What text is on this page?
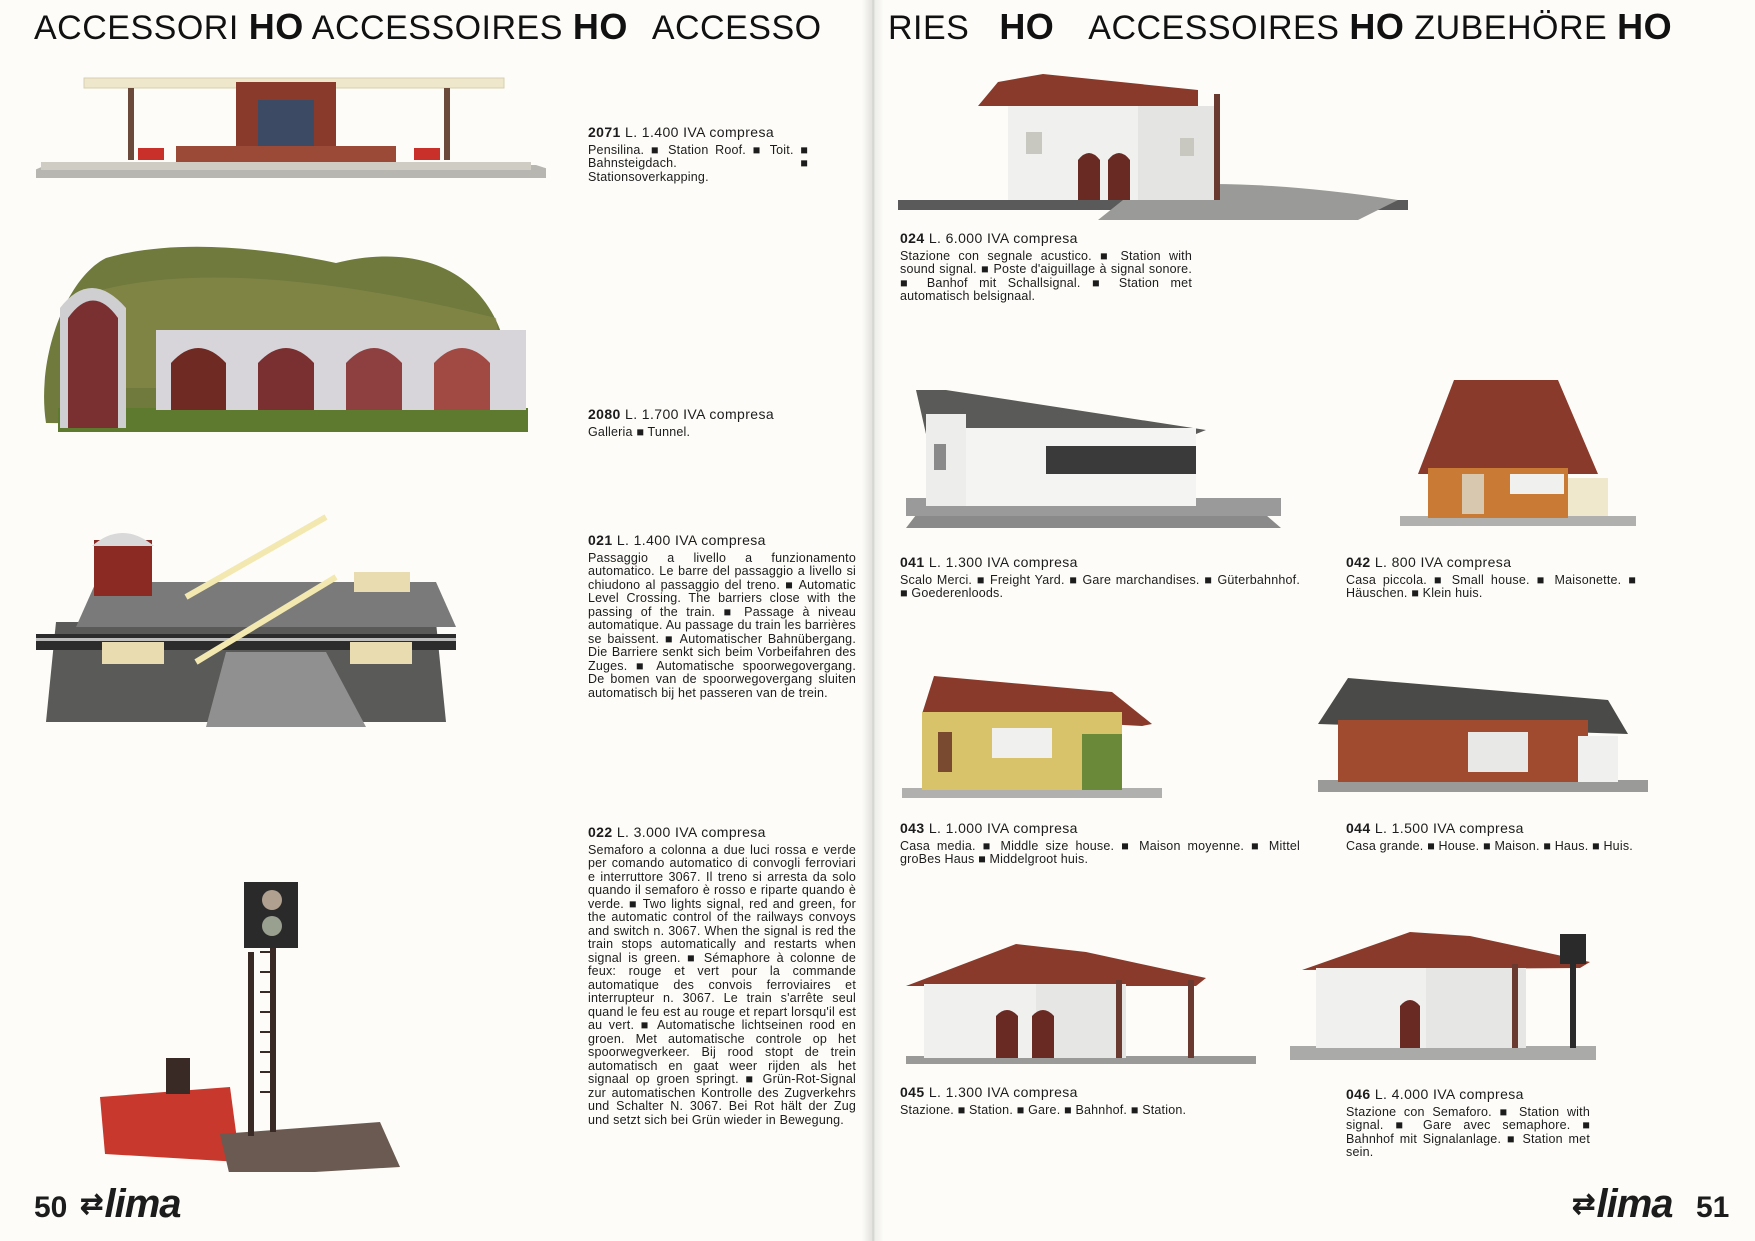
ACCESSORI HO ACCESSOIRES HO ACCESSO
2071 L. 1.400 IVA compresa
Pensilina. ■ Station Roof. ■ Toit. ■ Bahnsteigdach. ■ Stationsoverkapping.
2080 L. 1.700 IVA compresa
Galleria ■ Tunnel.
021 L. 1.400 IVA compresa
Passaggio a livello a funzionamento automatico. Le barre del passaggio a livello si chiudono al passaggio del treno. ■ Automatic Level Crossing. The barriers close with the passing of the train. ■ Passage à niveau automatique. Au passage du train les barrières se baissent. ■ Automatischer Bahnübergang. Die Barriere senkt sich beim Vorbeifahren des Zuges. ■ Automatische spoorwegovergang. De bomen van de spoorwegovergang sluiten automatisch bij het passeren van de trein.
022 L. 3.000 IVA compresa
Semaforo a colonna a due luci rossa e verde per comando automatico di convogli ferroviari e interruttore 3067. Il treno si arresta da solo quando il semaforo è rosso e riparte quando è verde. ■ Two lights signal, red and green, for the automatic control of the railways convoys and switch n. 3067. When the signal is red the train stops automatically and restarts when signal is green. ■ Sémaphore à colonne de feux: rouge et vert pour la commande automatique des convois ferroviaires et interrupteur n. 3067. Le train s'arrête seul quand le feu est au rouge et repart lorsqu'il est au vert. ■ Automatische lichtseinen rood en groen. Met automatische controle op het spoorwegverkeer. Bij rood stopt de trein automatisch en gaat weer rijden als het signaal op groen springt. ■ Grün-Rot-Signal zur automatischen Kontrolle des Zugverkehrs und Schalter N. 3067. Bei Rot hält der Zug und setzt sich bei Grün wieder in Bewegung.
50 ⇄lima
RIES HO ACCESSOIRES HO ZUBEHÖRE HO
024 L. 6.000 IVA compresa
Stazione con segnale acustico. ■ Station with sound signal. ■ Poste d'aiguillage à signal sonore. ■ Banhof mit Schallsignal. ■ Station met automatisch belsignaal.
041 L. 1.300 IVA compresa
Scalo Merci. ■ Freight Yard. ■ Gare marchandises. ■ Güterbahnhof. ■ Goederenloods.
042 L. 800 IVA compresa
Casa piccola. ■ Small house. ■ Maisonette. ■ Häuschen. ■ Klein huis.
043 L. 1.000 IVA compresa
Casa media. ■ Middle size house. ■ Maison moyenne. ■ Mittel groBes Haus ■ Middelgroot huis.
044 L. 1.500 IVA compresa
Casa grande. ■ House. ■ Maison. ■ Haus. ■ Huis.
045 L. 1.300 IVA compresa
Stazione. ■ Station. ■ Gare. ■ Bahnhof. ■ Station.
046 L. 4.000 IVA compresa
Stazione con Semaforo. ■ Station with signal. ■ Gare avec semaphore. ■ Bahnhof mit Signalanlage. ■ Station met sein.
⇄lima 51
